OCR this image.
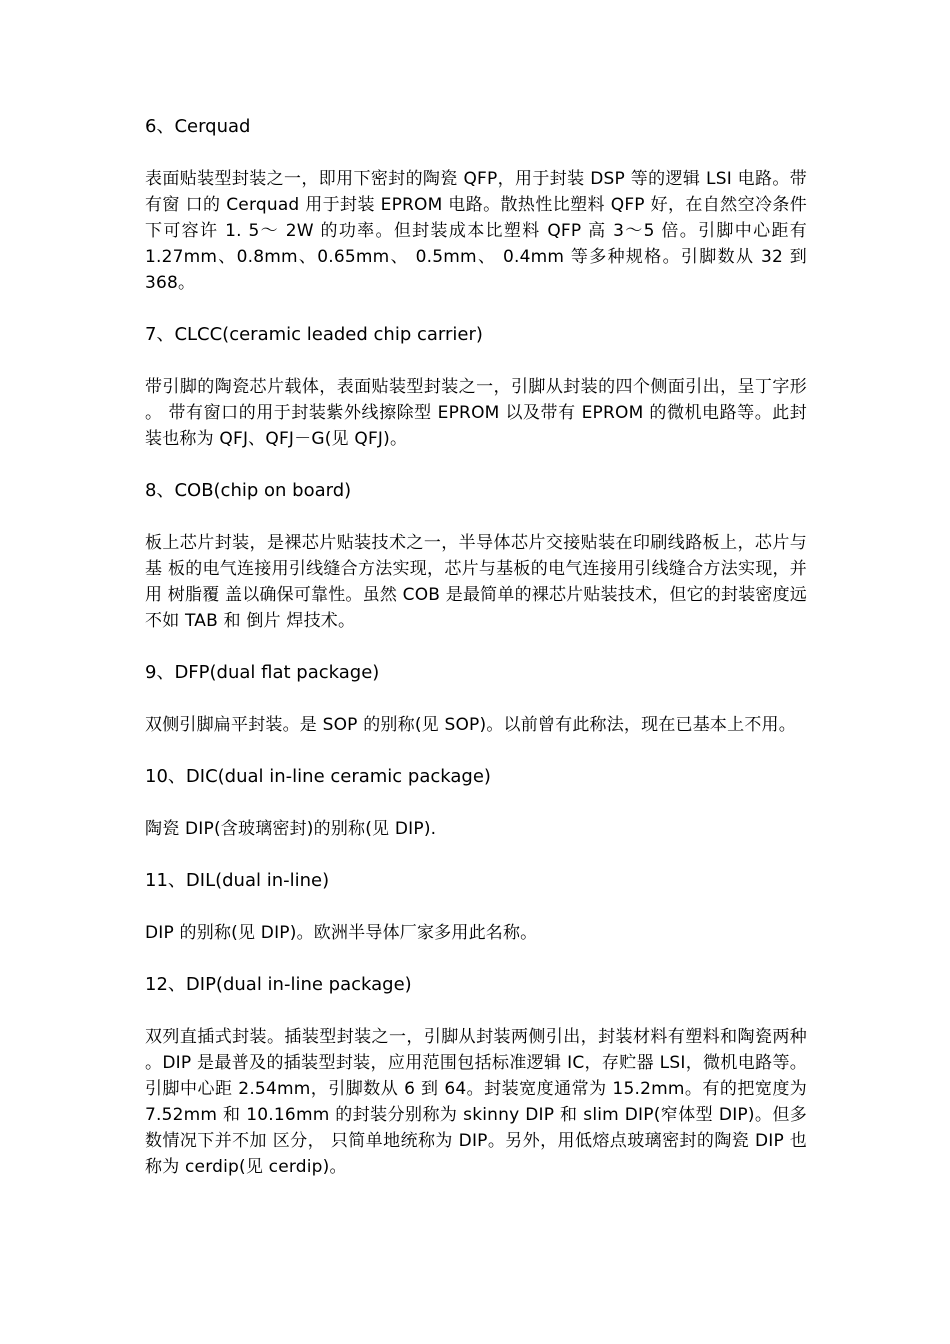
6、Cerquad

表面贴装型封装之一，即用下密封的陶瓷 QFP，用于封装 DSP 等的逻辑 LSI 电路。带有窗 口的 Cerquad 用于封装 EPROM 电路。散热性比塑料 QFP 好，在自然空冷条件下可容许 1. 5～ 2W 的功率。但封装成本比塑料 QFP 高 3～5 倍。引脚中心距有 1.27mm、0.8mm、0.65mm、 0.5mm、 0.4mm 等多种规格。引脚数从 32 到 368。

7、CLCC(ceramic leaded chip carrier)

带引脚的陶瓷芯片载体，表面贴装型封装之一，引脚从封装的四个侧面引出，呈丁字形 。 带有窗口的用于封装紫外线擦除型 EPROM 以及带有 EPROM 的微机电路等。此封装也称为 QFJ、QFJ－G(见 QFJ)。

8、COB(chip on board)

板上芯片封装，是裸芯片贴装技术之一，半导体芯片交接贴装在印刷线路板上，芯片与 基 板的电气连接用引线缝合方法实现，芯片与基板的电气连接用引线缝合方法实现，并用 树脂覆 盖以确保可靠性。虽然 COB 是最简单的裸芯片贴装技术，但它的封装密度远不如 TAB 和 倒片 焊技术。

9、DFP(dual flat package)

双侧引脚扁平封装。是 SOP 的别称(见 SOP)。以前曾有此称法，现在已基本上不用。

10、DIC(dual in-line ceramic package)

陶瓷 DIP(含玻璃密封)的别称(见 DIP).

11、DIL(dual in-line)

DIP 的别称(见 DIP)。欧洲半导体厂家多用此名称。

12、DIP(dual in-line package)

双列直插式封装。插装型封装之一，引脚从封装两侧引出，封装材料有塑料和陶瓷两种 。DIP 是最普及的插装型封装，应用范围包括标准逻辑 IC，存贮器 LSI，微机电路等。引脚中心距 2.54mm，引脚数从 6 到 64。封装宽度通常为 15.2mm。有的把宽度为 7.52mm 和 10.16mm 的封装分别称为 skinny DIP 和 slim DIP(窄体型 DIP)。但多数情况下并不加 区分， 只简单地统称为 DIP。另外，用低熔点玻璃密封的陶瓷 DIP 也称为 cerdip(见 cerdip)。
